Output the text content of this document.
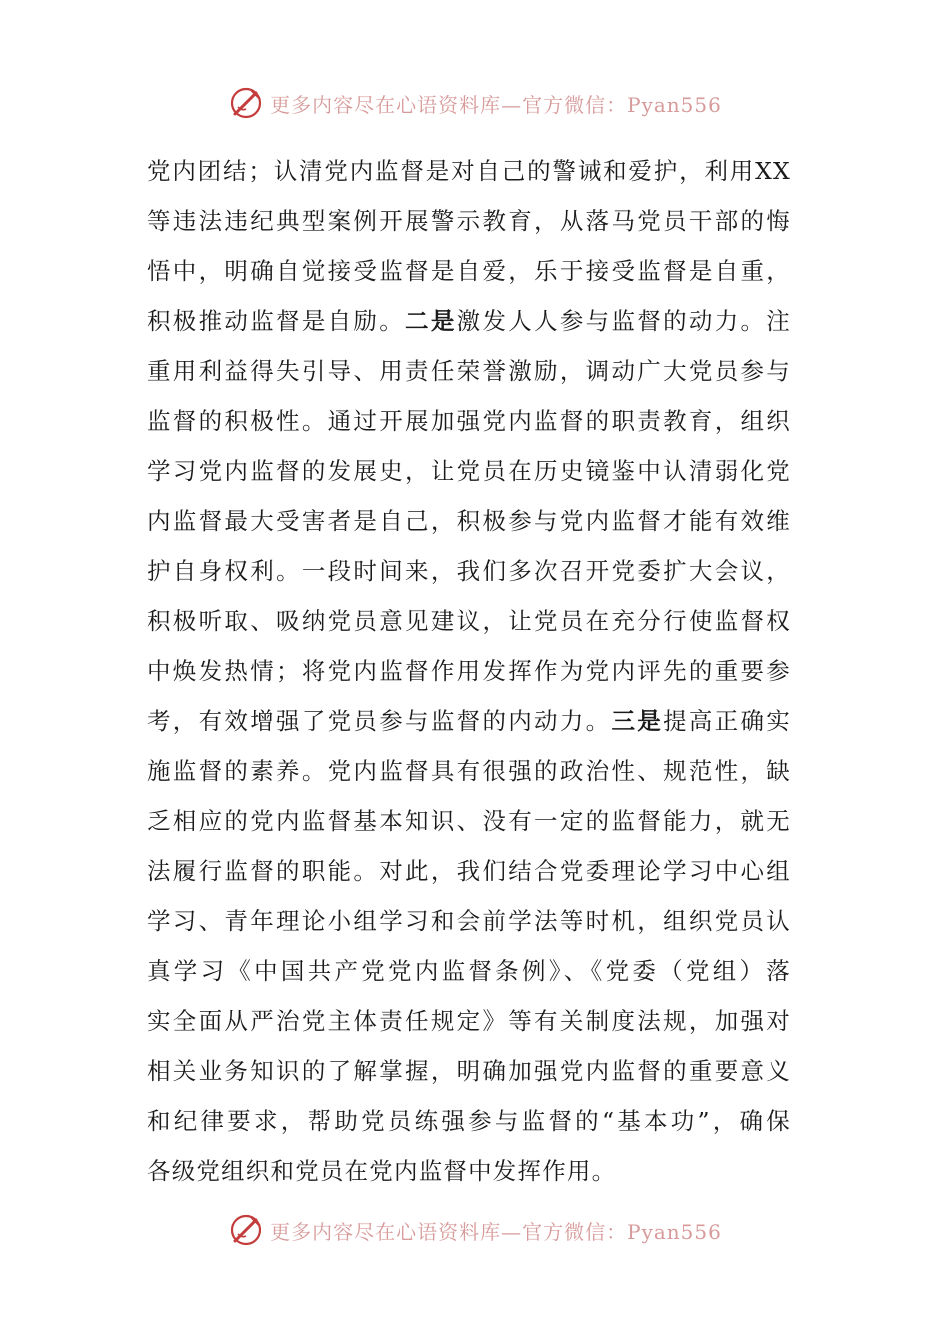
更多内容尽在心语资料库—官方微信：Pyan556
党内团结；认清党内监督是对自己的警诫和爱护，利用XX
等违法违纪典型案例开展警示教育，从落马党员干部的悔
悟中，明确自觉接受监督是自爱，乐于接受监督是自重，
积极推动监督是自励。二是激发人人参与监督的动力。注
重用利益得失引导、用责任荣誉激励，调动广大党员参与
监督的积极性。通过开展加强党内监督的职责教育，组织
学习党内监督的发展史，让党员在历史镜鉴中认清弱化党
内监督最大受害者是自己，积极参与党内监督才能有效维
护自身权利。一段时间来，我们多次召开党委扩大会议，
积极听取、吸纳党员意见建议，让党员在充分行使监督权
中焕发热情；将党内监督作用发挥作为党内评先的重要参
考，有效增强了党员参与监督的内动力。三是提高正确实
施监督的素养。党内监督具有很强的政治性、规范性，缺
乏相应的党内监督基本知识、没有一定的监督能力，就无
法履行监督的职能。对此，我们结合党委理论学习中心组
学习、青年理论小组学习和会前学法等时机，组织党员认
真学习《中国共产党党内监督条例》、《党委（党组）落
实全面从严治党主体责任规定》等有关制度法规，加强对
相关业务知识的了解掌握，明确加强党内监督的重要意义
和纪律要求，帮助党员练强参与监督的“基本功”，确保
各级党组织和党员在党内监督中发挥作用。
更多内容尽在心语资料库—官方微信：Pyan556
